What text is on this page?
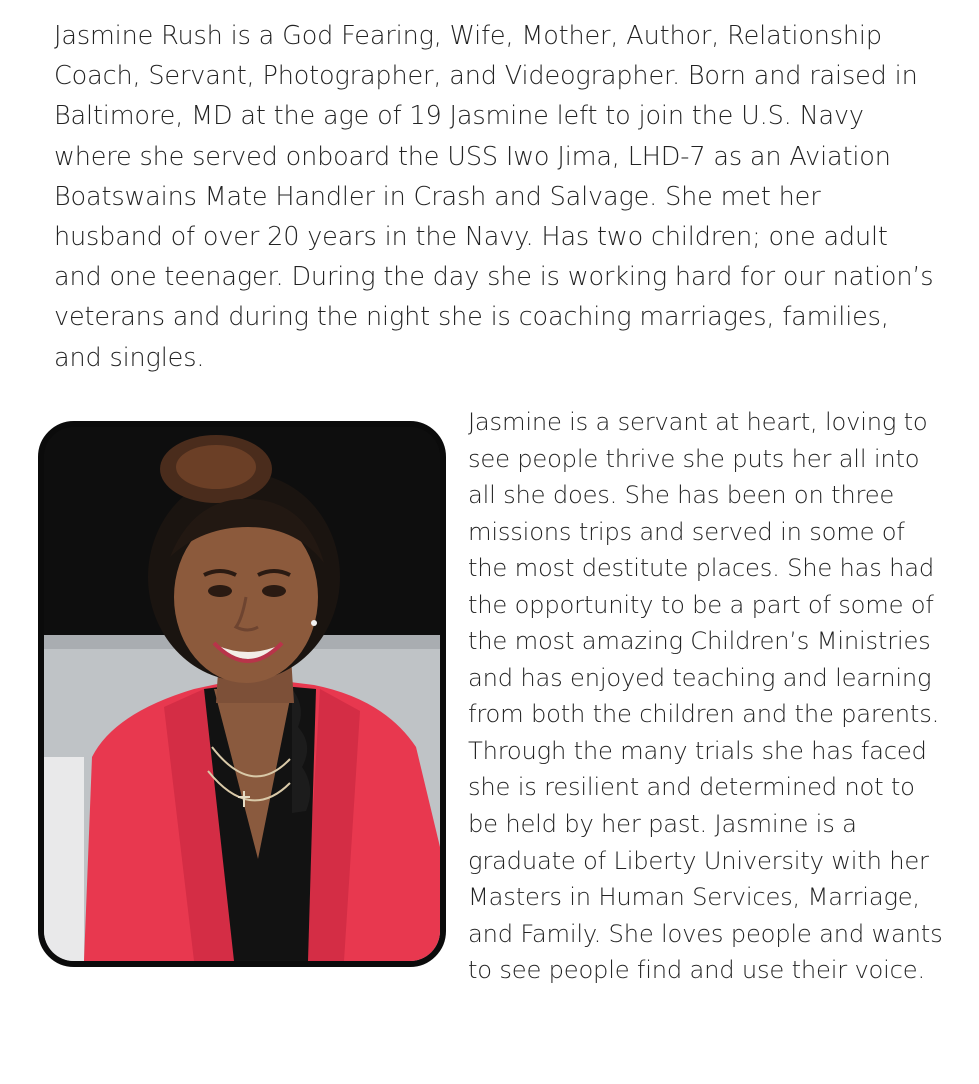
Jasmine Rush is a God Fearing, Wife, Mother, Author, Relationship Coach, Servant, Photographer, and Videographer. Born and raised in Baltimore, MD at the age of 19 Jasmine left to join the U.S. Navy where she served onboard the USS Iwo Jima, LHD-7 as an Aviation Boatswains Mate Handler in Crash and Salvage. She met her husband of over 20 years in the Navy. Has two children; one adult and one teenager. During the day she is working hard for our nation’s veterans and during the night she is coaching marriages, families, and singles.

Jasmine is a servant at heart, loving to see people thrive she puts her all into all she does. She has been on three missions trips and served in some of the most destitute places. She has had the opportunity to be a part of some of the most amazing Children’s Ministries and has enjoyed teaching and learning from both the children and the parents. Through the many trials she has faced she is resilient and determined not to be held by her past. Jasmine is a graduate of Liberty University with her Masters in Human Services, Marriage, and Family. She loves people and wants to see people find and use their voice.
